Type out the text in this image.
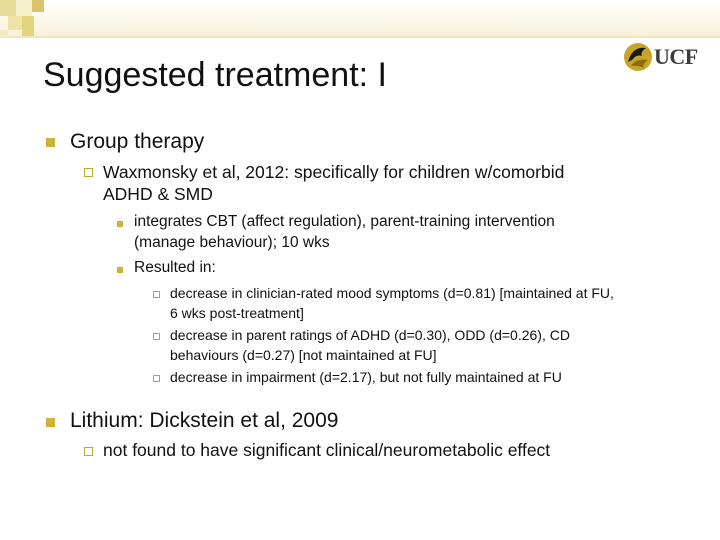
UCF
Suggested treatment: I
Group therapy
Waxmonsky et al, 2012: specifically for children w/comorbid
ADHD & SMD
integrates CBT (affect regulation), parent-training intervention
(manage behaviour); 10 wks
Resulted in:
decrease in clinician-rated mood symptoms (d=0.81) [maintained at FU,
6 wks post-treatment]
decrease in parent ratings of ADHD (d=0.30), ODD (d=0.26), CD
behaviours (d=0.27) [not maintained at FU]
decrease in impairment (d=2.17), but not fully maintained at FU
Lithium: Dickstein et al, 2009
not found to have significant clinical/neurometabolic effect
